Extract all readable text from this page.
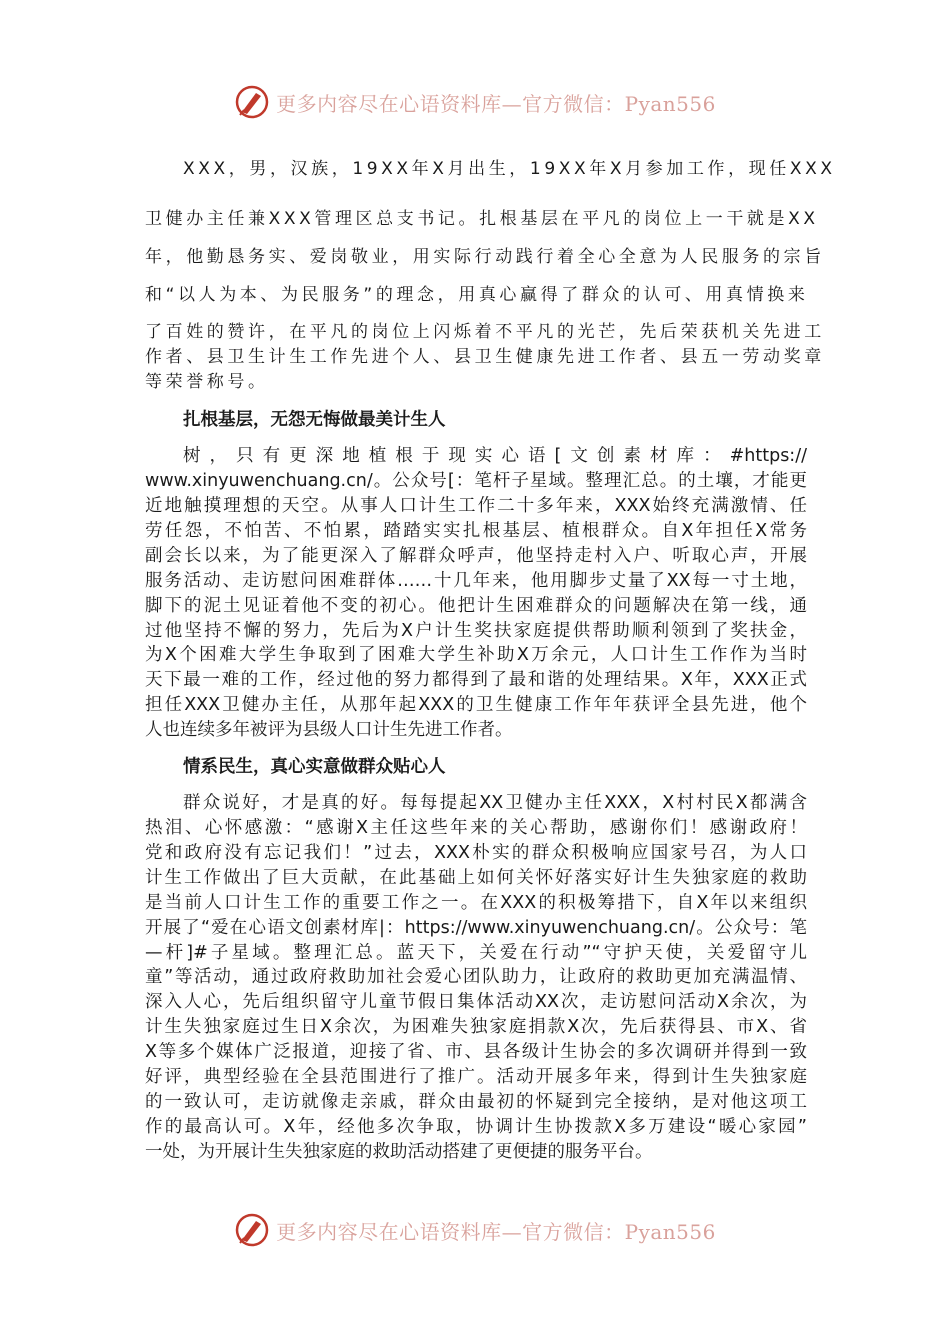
更多内容尽在心语资料库—官方微信：Pyan556
XXX，男，汉族，19XX年X月出生，19XX年X月参加工作，现任XXX
卫健办主任兼XXX管理区总支书记。扎根基层在平凡的岗位上一干就是XX
年，他勤恳务实、爱岗敬业，用实际行动践行着全心全意为人民服务的宗旨
和“以人为本、为民服务”的理念，用真心赢得了群众的认可、用真情换来
了百姓的赞许，在平凡的岗位上闪烁着不平凡的光芒，先后荣获机关先进工
作者、县卫生计生工作先进个人、县卫生健康先进工作者、县五一劳动奖章
等荣誉称号。
扎根基层，无怨无悔做最美计生人
树，只有更深地植根于现实心语[文创素材库：#https://
www.xinyuwenchuang.cn/。公众号[：笔杆子星域。整理汇总。的土壤，才能更
近地触摸理想的天空。从事人口计生工作二十多年来，XXX始终充满激情、任
劳任怨，不怕苦、不怕累，踏踏实实扎根基层、植根群众。自X年担任X常务
副会长以来，为了能更深入了解群众呼声，他坚持走村入户、听取心声，开展
服务活动、走访慰问困难群体……十几年来，他用脚步丈量了XX每一寸土地，
脚下的泥土见证着他不变的初心。他把计生困难群众的问题解决在第一线，通
过他坚持不懈的努力，先后为X户计生奖扶家庭提供帮助顺利领到了奖扶金，
为X个困难大学生争取到了困难大学生补助X万余元，人口计生工作作为当时
天下最一难的工作，经过他的努力都得到了最和谐的处理结果。X年，XXX正式
担任XXX卫健办主任，从那年起XXX的卫生健康工作年年获评全县先进，他个
人也连续多年被评为县级人口计生先进工作者。
情系民生，真心实意做群众贴心人
群众说好，才是真的好。每每提起XX卫健办主任XXX，X村村民X都满含
热泪、心怀感激：“感谢X主任这些年来的关心帮助，感谢你们！感谢政府！
党和政府没有忘记我们！”过去，XXX朴实的群众积极响应国家号召，为人口
计生工作做出了巨大贡献，在此基础上如何关怀好落实好计生失独家庭的救助
是当前人口计生工作的重要工作之一。在XXX的积极筹措下，自X年以来组织
开展了“爱在心语文创素材库|：https://www.xinyuwenchuang.cn/。公众号：笔
—杆]#子星域。整理汇总。蓝天下，关爱在行动”“守护天使，关爱留守儿
童”等活动，通过政府救助加社会爱心团队助力，让政府的救助更加充满温情、
深入人心，先后组织留守儿童节假日集体活动XX次，走访慰问活动X余次，为
计生失独家庭过生日X余次，为困难失独家庭捐款X次，先后获得县、市X、省
X等多个媒体广泛报道，迎接了省、市、县各级计生协会的多次调研并得到一致
好评，典型经验在全县范围进行了推广。活动开展多年来，得到计生失独家庭
的一致认可，走访就像走亲戚，群众由最初的怀疑到完全接纳，是对他这项工
作的最高认可。X年，经他多次争取，协调计生协拨款X多万建设“暖心家园”
一处，为开展计生失独家庭的救助活动搭建了更便捷的服务平台。
更多内容尽在心语资料库—官方微信：Pyan556
